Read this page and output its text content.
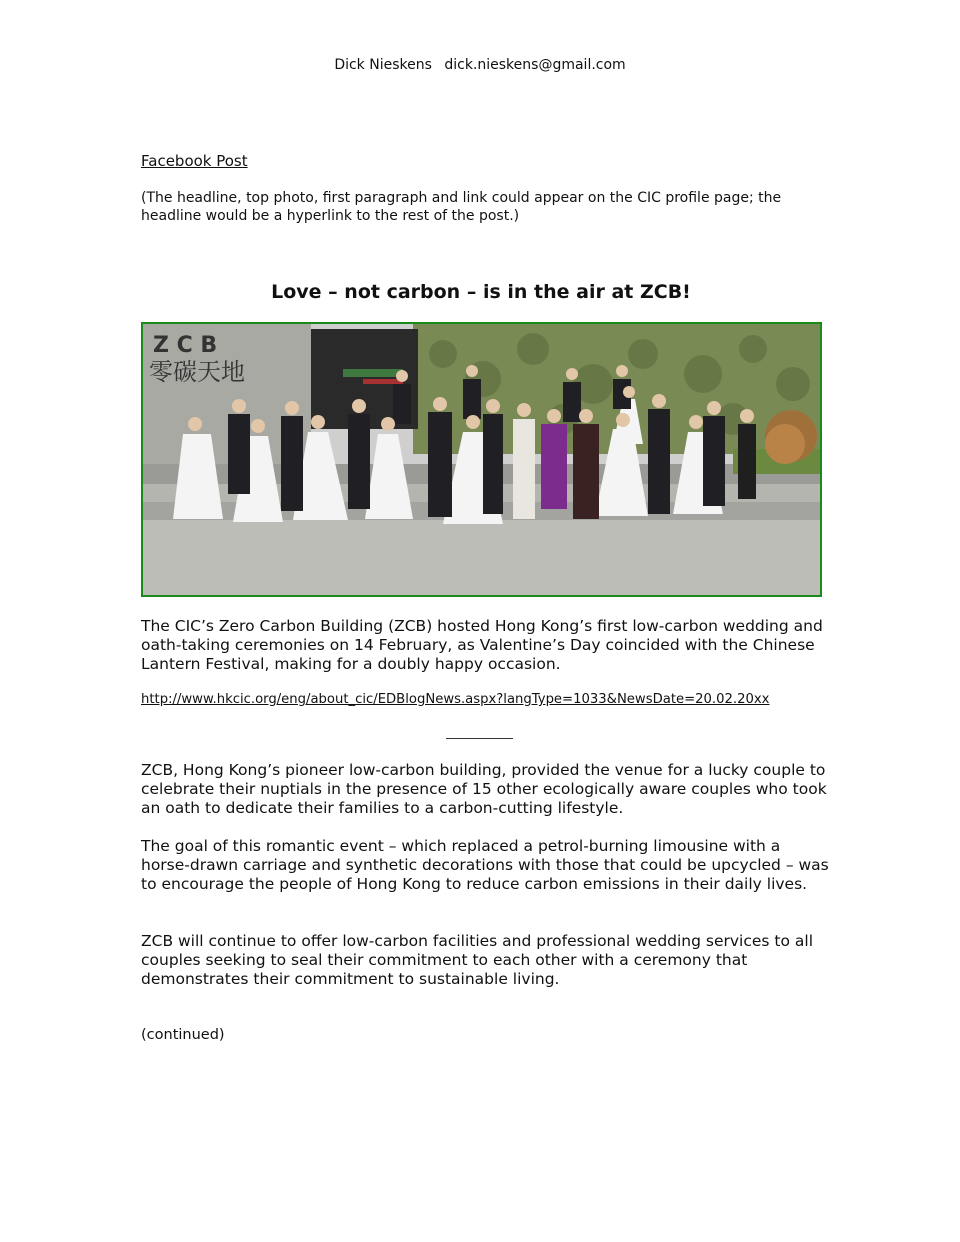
Dick Nieskens dick.nieskens@gmail.com
Facebook Post
(The headline, top photo, first paragraph and link could appear on the CIC profile page; the headline would be a hyperlink to the rest of the post.)
Love – not carbon – is in the air at ZCB!
Z C B
零碳天地
The CIC’s Zero Carbon Building (ZCB) hosted Hong Kong’s first low-carbon wedding and oath-taking ceremonies on 14 February, as Valentine’s Day coincided with the Chinese Lantern Festival, making for a doubly happy occasion.
http://www.hkcic.org/eng/about_cic/EDBlogNews.aspx?langType=1033&NewsDate=20.02.20xx
ZCB, Hong Kong’s pioneer low-carbon building, provided the venue for a lucky couple to celebrate their nuptials in the presence of 15 other ecologically aware couples who took an oath to dedicate their families to a carbon-cutting lifestyle.
The goal of this romantic event – which replaced a petrol-burning limousine with a horse-drawn carriage and synthetic decorations with those that could be upcycled – was to encourage the people of Hong Kong to reduce carbon emissions in their daily lives.
ZCB will continue to offer low-carbon facilities and professional wedding services to all couples seeking to seal their commitment to each other with a ceremony that demonstrates their commitment to sustainable living.
(continued)
